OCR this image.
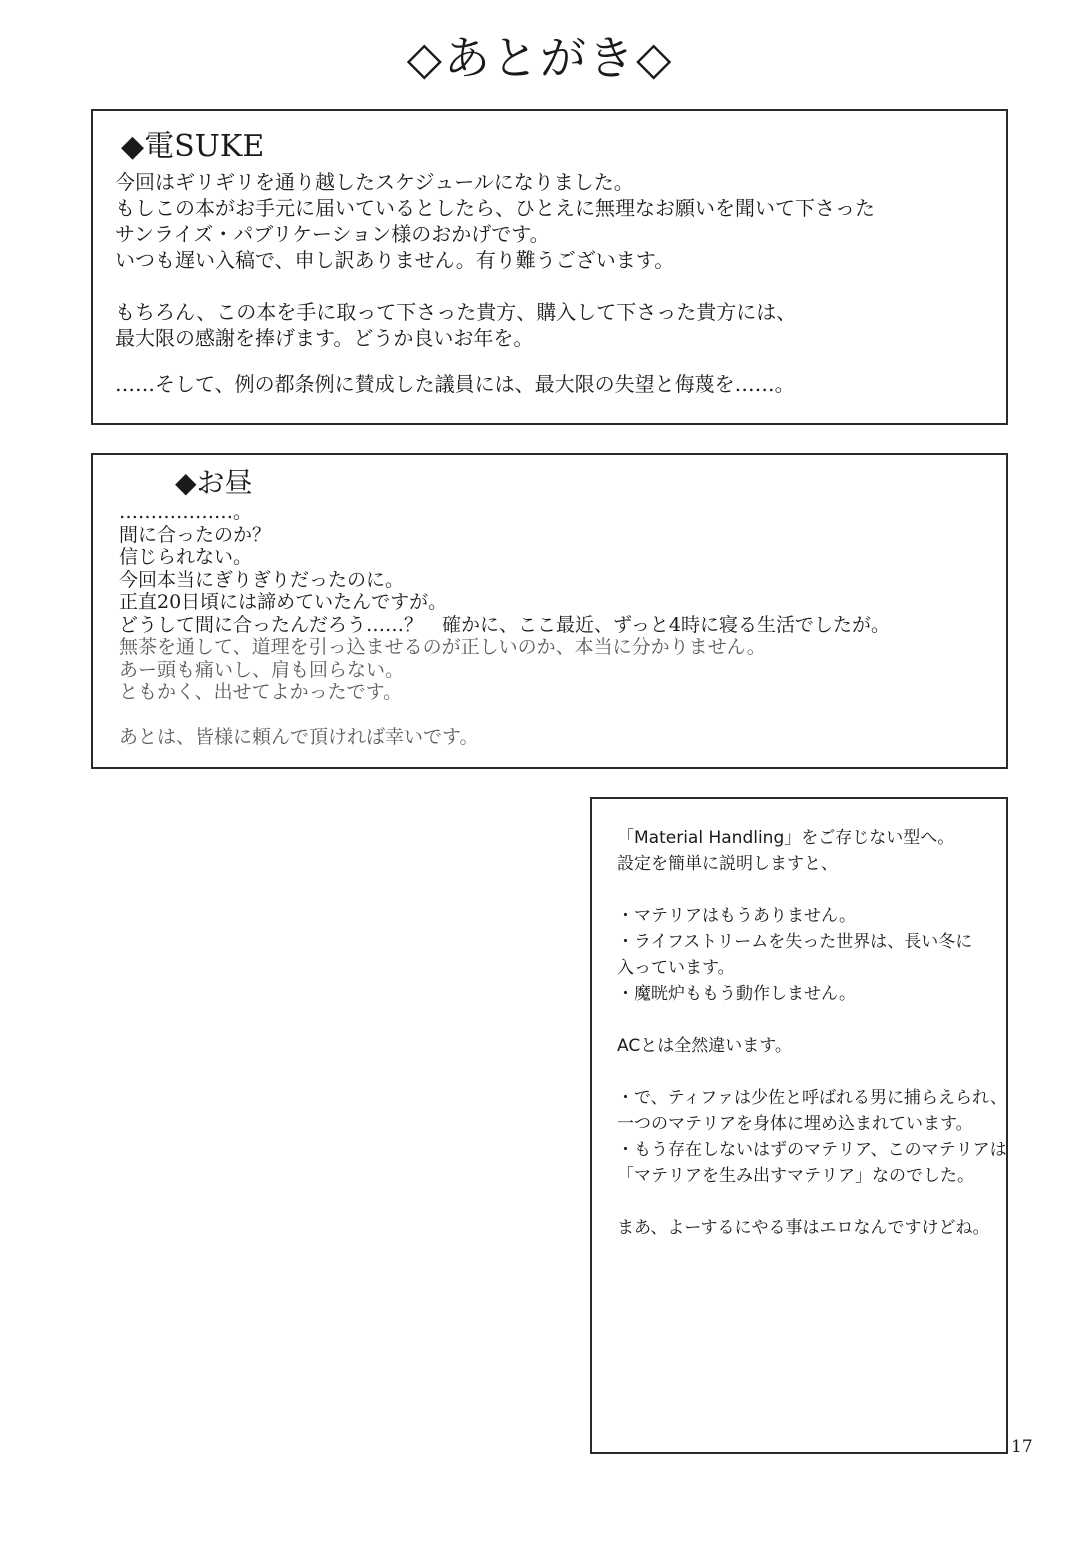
◇あとがき◇
◆電SUKE
今回はギリギリを通り越したスケジュールになりました。
もしこの本がお手元に届いているとしたら、ひとえに無理なお願いを聞いて下さった
サンライズ・パブリケーション様のおかげです。
いつも遅い入稿で、申し訳ありません。有り難うございます。
もちろん、この本を手に取って下さった貴方、購入して下さった貴方には、
最大限の感謝を捧げます。どうか良いお年を。
……そして、例の都条例に賛成した議員には、最大限の失望と侮蔑を……。
◆お昼
………………。
間に合ったのか？
信じられない。
今回本当にぎりぎりだったのに。
正直20日頃には諦めていたんですが。
どうして間に合ったんだろう……？　確かに、ここ最近、ずっと4時に寝る生活でしたが。
無茶を通して、道理を引っ込ませるのが正しいのか、本当に分かりません。
あー頭も痛いし、肩も回らない。
ともかく、出せてよかったです。
あとは、皆様に頼んで頂ければ幸いです。
「Material Handling」をご存じない型へ。
設定を簡単に説明しますと、
・マテリアはもうありません。
・ライフストリームを失った世界は、長い冬に
入っています。
・魔晄炉ももう動作しません。
ACとは全然違います。
・で、ティファは少佐と呼ばれる男に捕らえられ、
一つのマテリアを身体に埋め込まれています。
・もう存在しないはずのマテリア、このマテリアは
「マテリアを生み出すマテリア」なのでした。
まあ、よーするにやる事はエロなんですけどね。
17
